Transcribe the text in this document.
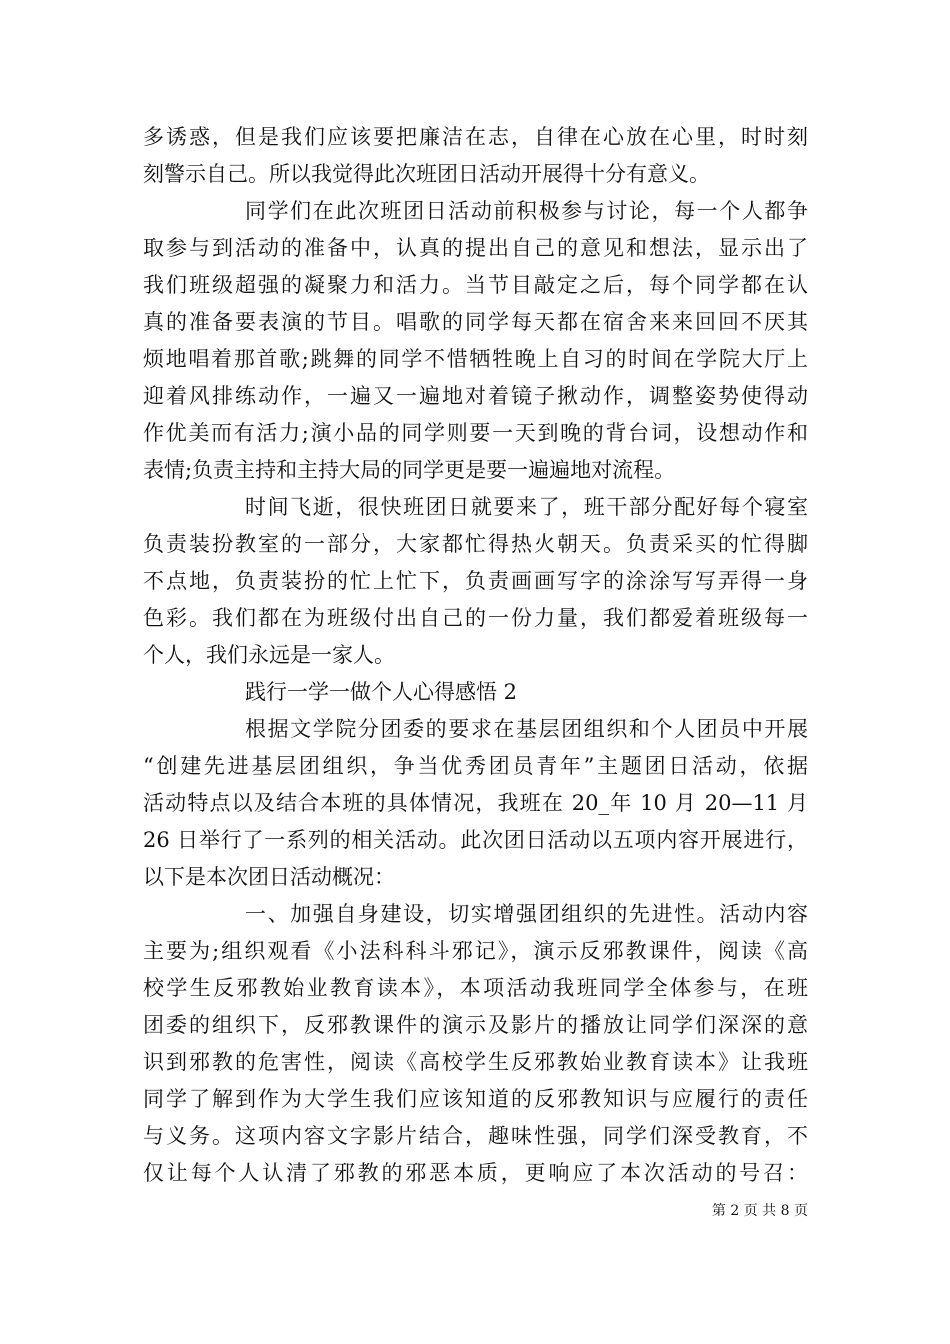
多诱惑，但是我们应该要把廉洁在志，自律在心放在心里，时时刻
刻警示自己。所以我觉得此次班团日活动开展得十分有意义。
同学们在此次班团日活动前积极参与讨论，每一个人都争
取参与到活动的准备中，认真的提出自己的意见和想法，显示出了
我们班级超强的凝聚力和活力。当节目敲定之后，每个同学都在认
真的准备要表演的节目。唱歌的同学每天都在宿舍来来回回不厌其
烦地唱着那首歌;跳舞的同学不惜牺牲晚上自习的时间在学院大厅上
迎着风排练动作，一遍又一遍地对着镜子揪动作，调整姿势使得动
作优美而有活力;演小品的同学则要一天到晚的背台词，设想动作和
表情;负责主持和主持大局的同学更是要一遍遍地对流程。
时间飞逝，很快班团日就要来了，班干部分配好每个寝室
负责装扮教室的一部分，大家都忙得热火朝天。负责采买的忙得脚
不点地，负责装扮的忙上忙下，负责画画写字的涂涂写写弄得一身
色彩。我们都在为班级付出自己的一份力量，我们都爱着班级每一
个人，我们永远是一家人。
践行一学一做个人心得感悟 2
根据文学院分团委的要求在基层团组织和个人团员中开展
“创建先进基层团组织，争当优秀团员青年”主题团日活动，依据
活动特点以及结合本班的具体情况，我班在 20_年 10 月 20—11 月
26 日举行了一系列的相关活动。此次团日活动以五项内容开展进行，
以下是本次团日活动概况：
一、加强自身建设，切实增强团组织的先进性。活动内容
主要为;组织观看《小法科科斗邪记》，演示反邪教课件，阅读《高
校学生反邪教始业教育读本》，本项活动我班同学全体参与，在班
团委的组织下，反邪教课件的演示及影片的播放让同学们深深的意
识到邪教的危害性，阅读《高校学生反邪教始业教育读本》让我班
同学了解到作为大学生我们应该知道的反邪教知识与应履行的责任
与义务。这项内容文字影片结合，趣味性强，同学们深受教育，不
仅让每个人认清了邪教的邪恶本质，更响应了本次活动的号召：
第 2 页 共 8 页
